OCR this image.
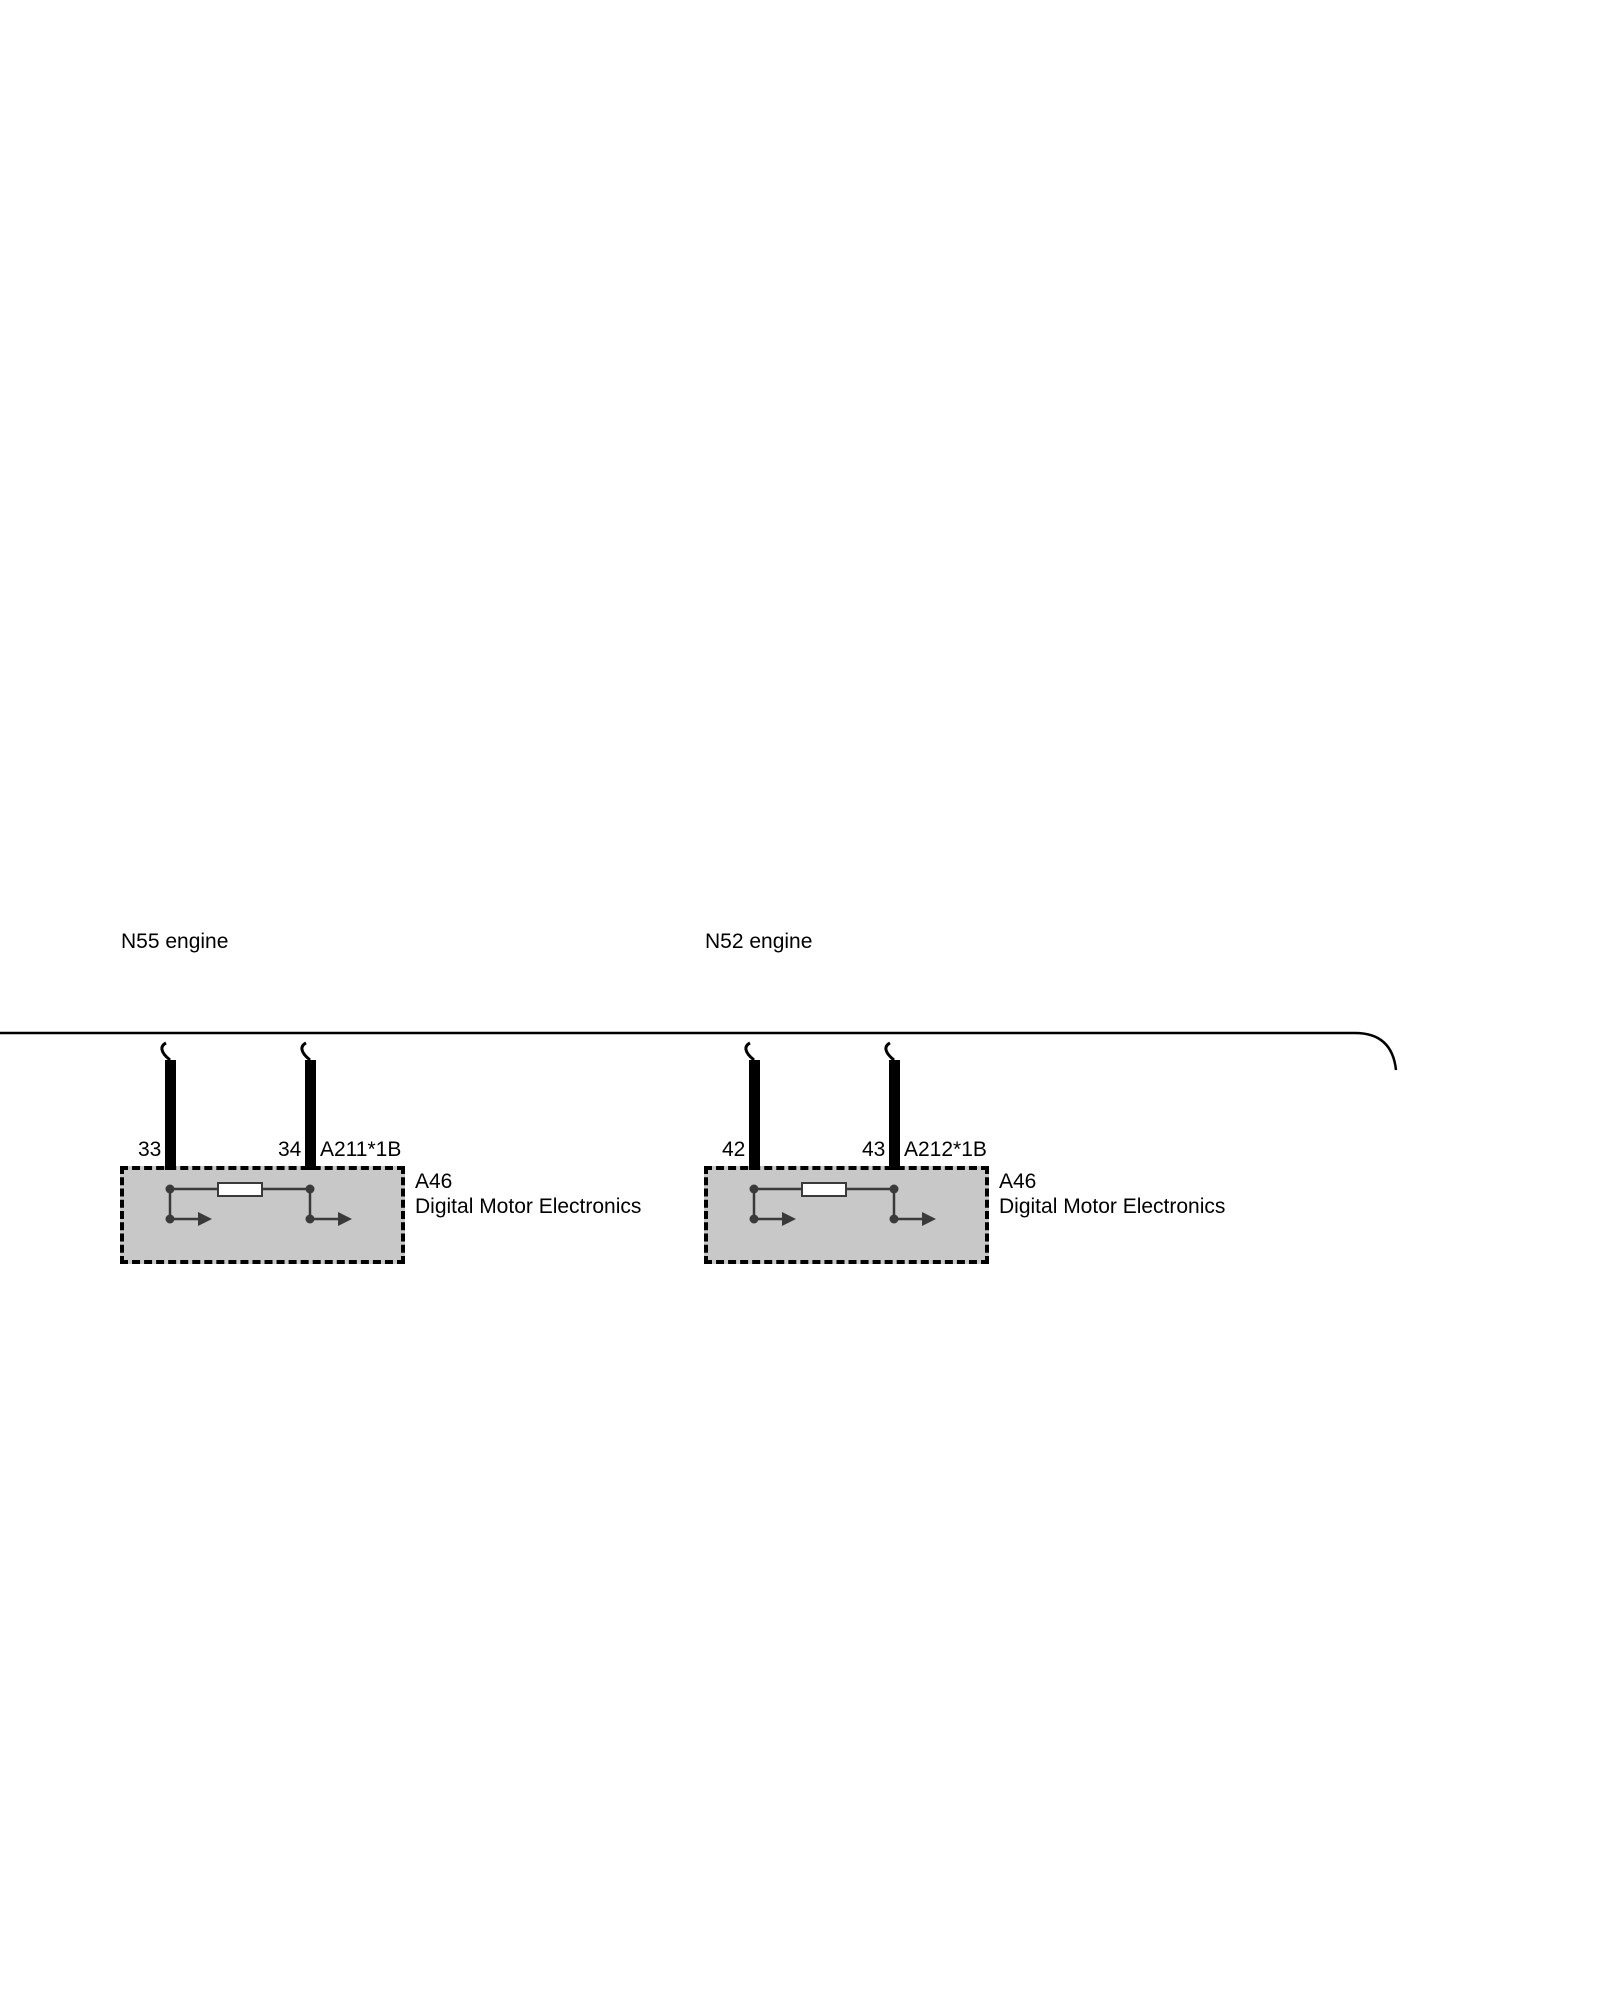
N55 engine	N52 engine
33	34 A211*1B	42	43 A212*1B
A46
Digital Motor Electronics
A46
Digital Motor Electronics
